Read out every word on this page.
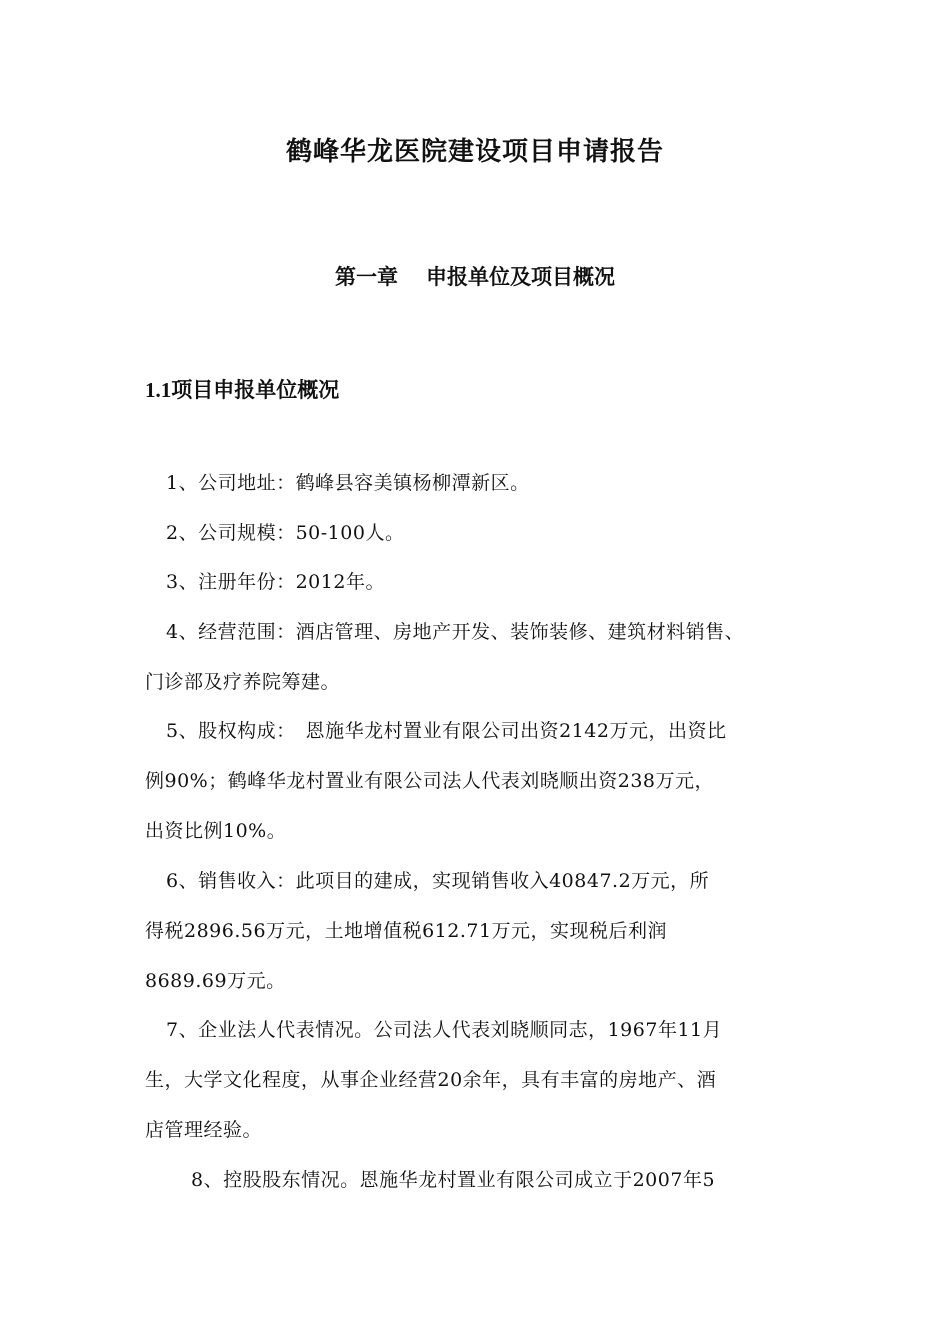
鹤峰华龙医院建设项目申请报告
第一章 申报单位及项目概况
1.1项目申报单位概况

1、公司地址：鹤峰县容美镇杨柳潭新区。

2、公司规模：50-100人。

3、注册年份：2012年。

4、经营范围：酒店管理、房地产开发、装饰装修、建筑材料销售、
门诊部及疗养院筹建。

5、股权构成：　恩施华龙村置业有限公司出资2142万元，出资比
例90%；鹤峰华龙村置业有限公司法人代表刘晓顺出资238万元，
出资比例10%。

6、销售收入：此项目的建成，实现销售收入40847.2万元，所
得税2896.56万元，土地增值税612.71万元，实现税后利润
8689.69万元。

7、企业法人代表情况。公司法人代表刘晓顺同志，1967年11月
生，大学文化程度，从事企业经营20余年，具有丰富的房地产、酒
店管理经验。

8、控股股东情况。恩施华龙村置业有限公司成立于2007年5
